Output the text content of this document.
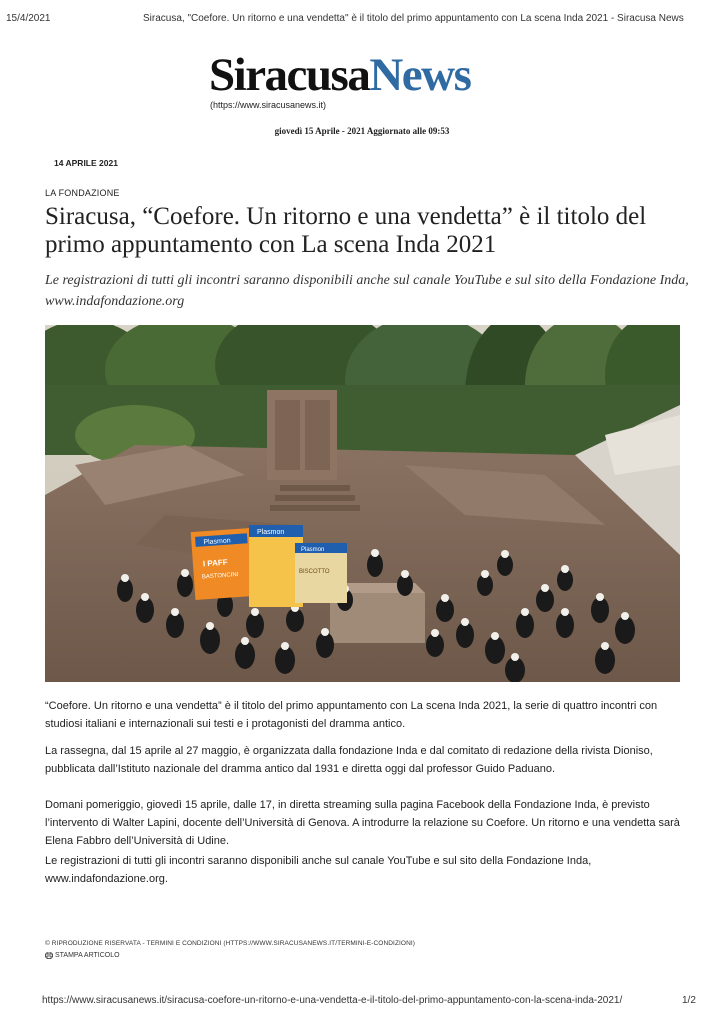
15/4/2021	Siracusa, "Coefore. Un ritorno e una vendetta" è il titolo del primo appuntamento con La scena Inda 2021 - Siracusa News
SiracusaNews
(https://www.siracusanews.it)
giovedì 15 Aprile - 2021 Aggiornato alle 09:53
14 APRILE 2021
LA FONDAZIONE
Siracusa, “Coefore. Un ritorno e una vendetta” è il titolo del primo appuntamento con La scena Inda 2021

Le registrazioni di tutti gli incontri saranno disponibili anche sul canale YouTube e sul sito della Fondazione Inda, www.indafondazione.org

Plasmon
I PAFF
BASTONCINI
Plasmon
Plasmon
BISCOTTO

“Coefore. Un ritorno e una vendetta” è il titolo del primo appuntamento con La scena Inda 2021, la serie di quattro incontri con studiosi italiani e internazionali sui testi e i protagonisti del dramma antico.

La rassegna, dal 15 aprile al 27 maggio, è organizzata dalla fondazione Inda e dal comitato di redazione della rivista Dioniso, pubblicata dall’Istituto nazionale del dramma antico dal 1931 e diretta oggi dal professor Guido Paduano.

Domani pomeriggio, giovedì 15 aprile, dalle 17, in diretta streaming sulla pagina Facebook della Fondazione Inda, è previsto l’intervento di Walter Lapini, docente dell’Università di Genova. A introdurre la relazione su Coefore. Un ritorno e una vendetta sarà Elena Fabbro dell’Università di Udine.

Le registrazioni di tutti gli incontri saranno disponibili anche sul canale YouTube e sul sito della Fondazione Inda, www.indafondazione.org.

© RIPRODUZIONE RISERVATA - TERMINI E CONDIZIONI (HTTPS://WWW.SIRACUSANEWS.IT/TERMINI-E-CONDIZIONI)
STAMPA ARTICOLO
https://www.siracusanews.it/siracusa-coefore-un-ritorno-e-una-vendetta-e-il-titolo-del-primo-appuntamento-con-la-scena-inda-2021/	1/2
